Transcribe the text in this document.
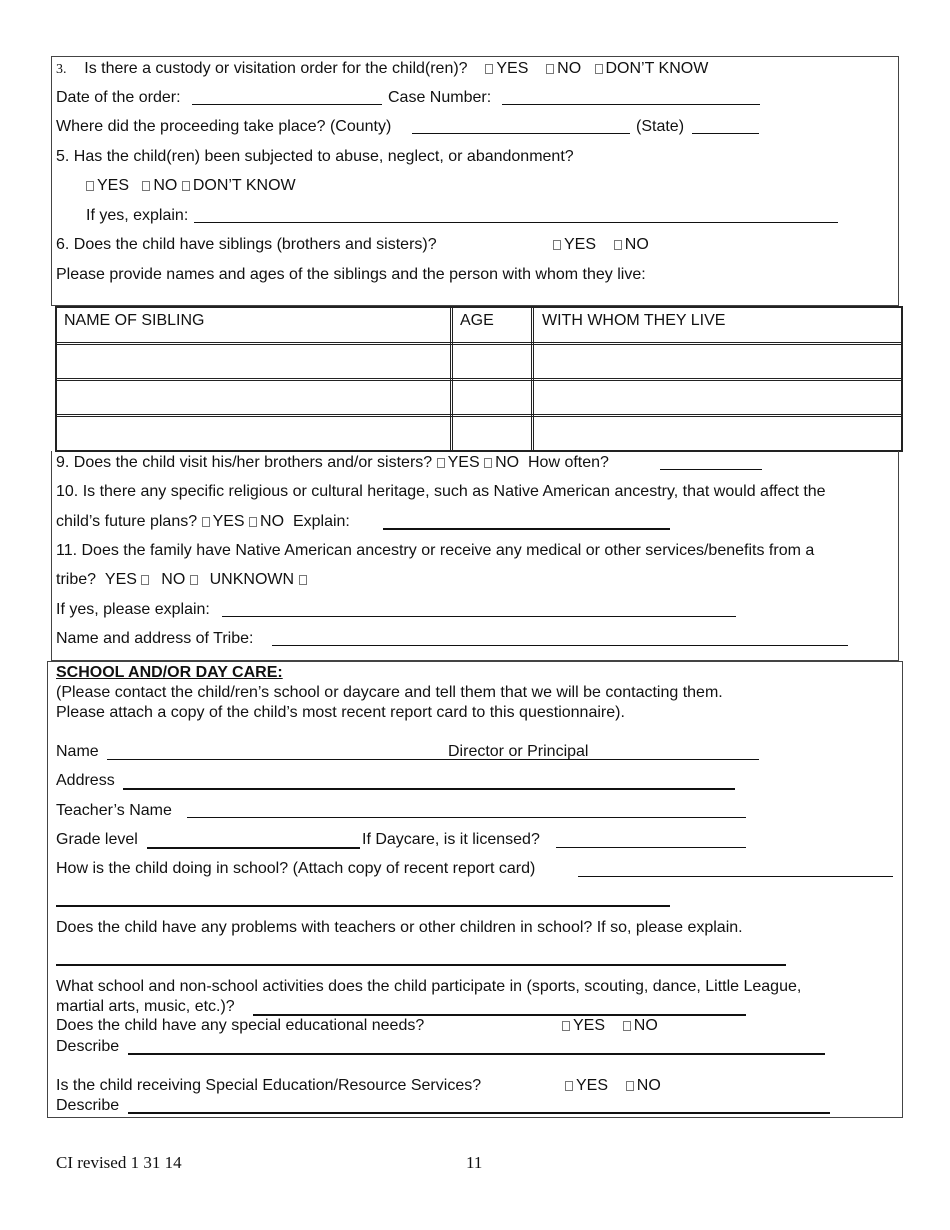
3. Is there a custody or visitation order for the child(ren)? YES NO DON’T KNOW
Date of the order:	Case Number:
Where did the proceeding take place? (County)	(State)
5. Has the child(ren) been subjected to abuse, neglect, or abandonment?
YES NO DON’T KNOW
If yes, explain:
6. Does the child have siblings (brothers and sisters)?	YES NO
Please provide names and ages of the siblings and the person with whom they live:
NAME OF SIBLING	AGE	WITH WHOM THEY LIVE
9. Does the child visit his/her brothers and/or sisters? YES NO How often?
10. Is there any specific religious or cultural heritage, such as Native American ancestry, that would affect the
child’s future plans? YES NO Explain:
11. Does the family have Native American ancestry or receive any medical or other services/benefits from a
tribe? YES NO UNKNOWN
If yes, please explain:
Name and address of Tribe:
SCHOOL AND/OR DAY CARE:
(Please contact the child/ren’s school or daycare and tell them that we will be contacting them.
Please attach a copy of the child’s most recent report card to this questionnaire).
Name	Director or Principal
Address
Teacher’s Name
Grade level	If Daycare, is it licensed?
How is the child doing in school? (Attach copy of recent report card)
Does the child have any problems with teachers or other children in school? If so, please explain.
What school and non-school activities does the child participate in (sports, scouting, dance, Little League,
martial arts, music, etc.)?
Does the child have any special educational needs?	YES NO
Describe
Is the child receiving Special Education/Resource Services?	YES NO
Describe
CI revised 1 31 14	11
